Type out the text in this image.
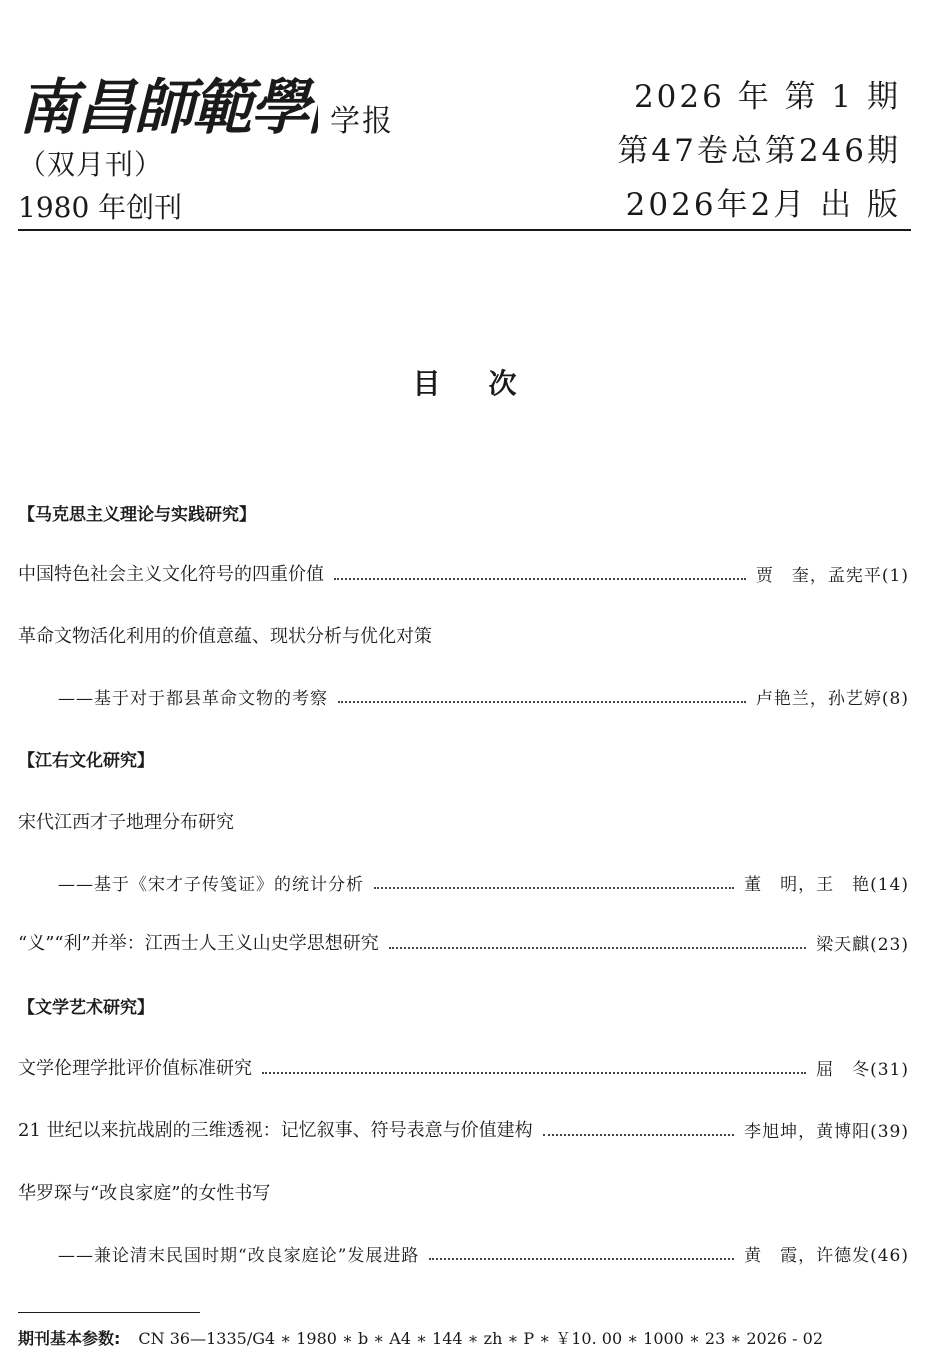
南昌師範學 学报
（双月刊）
1980 年创刊
2026 年 第 1 期
第47卷总第246期
2026年2月 出 版
目次
【马克思主义理论与实践研究】
中国特色社会主义文化符号的四重价值	贾　奎，孟宪平(1)
革命文物活化利用的价值意蕴、现状分析与优化对策
——基于对于都县革命文物的考察	卢艳兰，孙艺婷(8)
【江右文化研究】
宋代江西才子地理分布研究
——基于《宋才子传笺证》的统计分析	董　明，王　艳(14)
“义”“利”并举：江西士人王义山史学思想研究	梁天麒(23)
【文学艺术研究】
文学伦理学批评价值标准研究	屈　冬(31)
21 世纪以来抗战剧的三维透视：记忆叙事、符号表意与价值建构	李旭坤，黄博阳(39)
华罗琛与“改良家庭”的女性书写
——兼论清末民国时期“改良家庭论”发展进路	黄　霞，许德发(46)
期刊基本参数: CN 36—1335/G4 ∗ 1980 ∗ b ∗ A4 ∗ 144 ∗ zh ∗ P ∗ ￥10. 00 ∗ 1000 ∗ 23 ∗ 2026 - 02
